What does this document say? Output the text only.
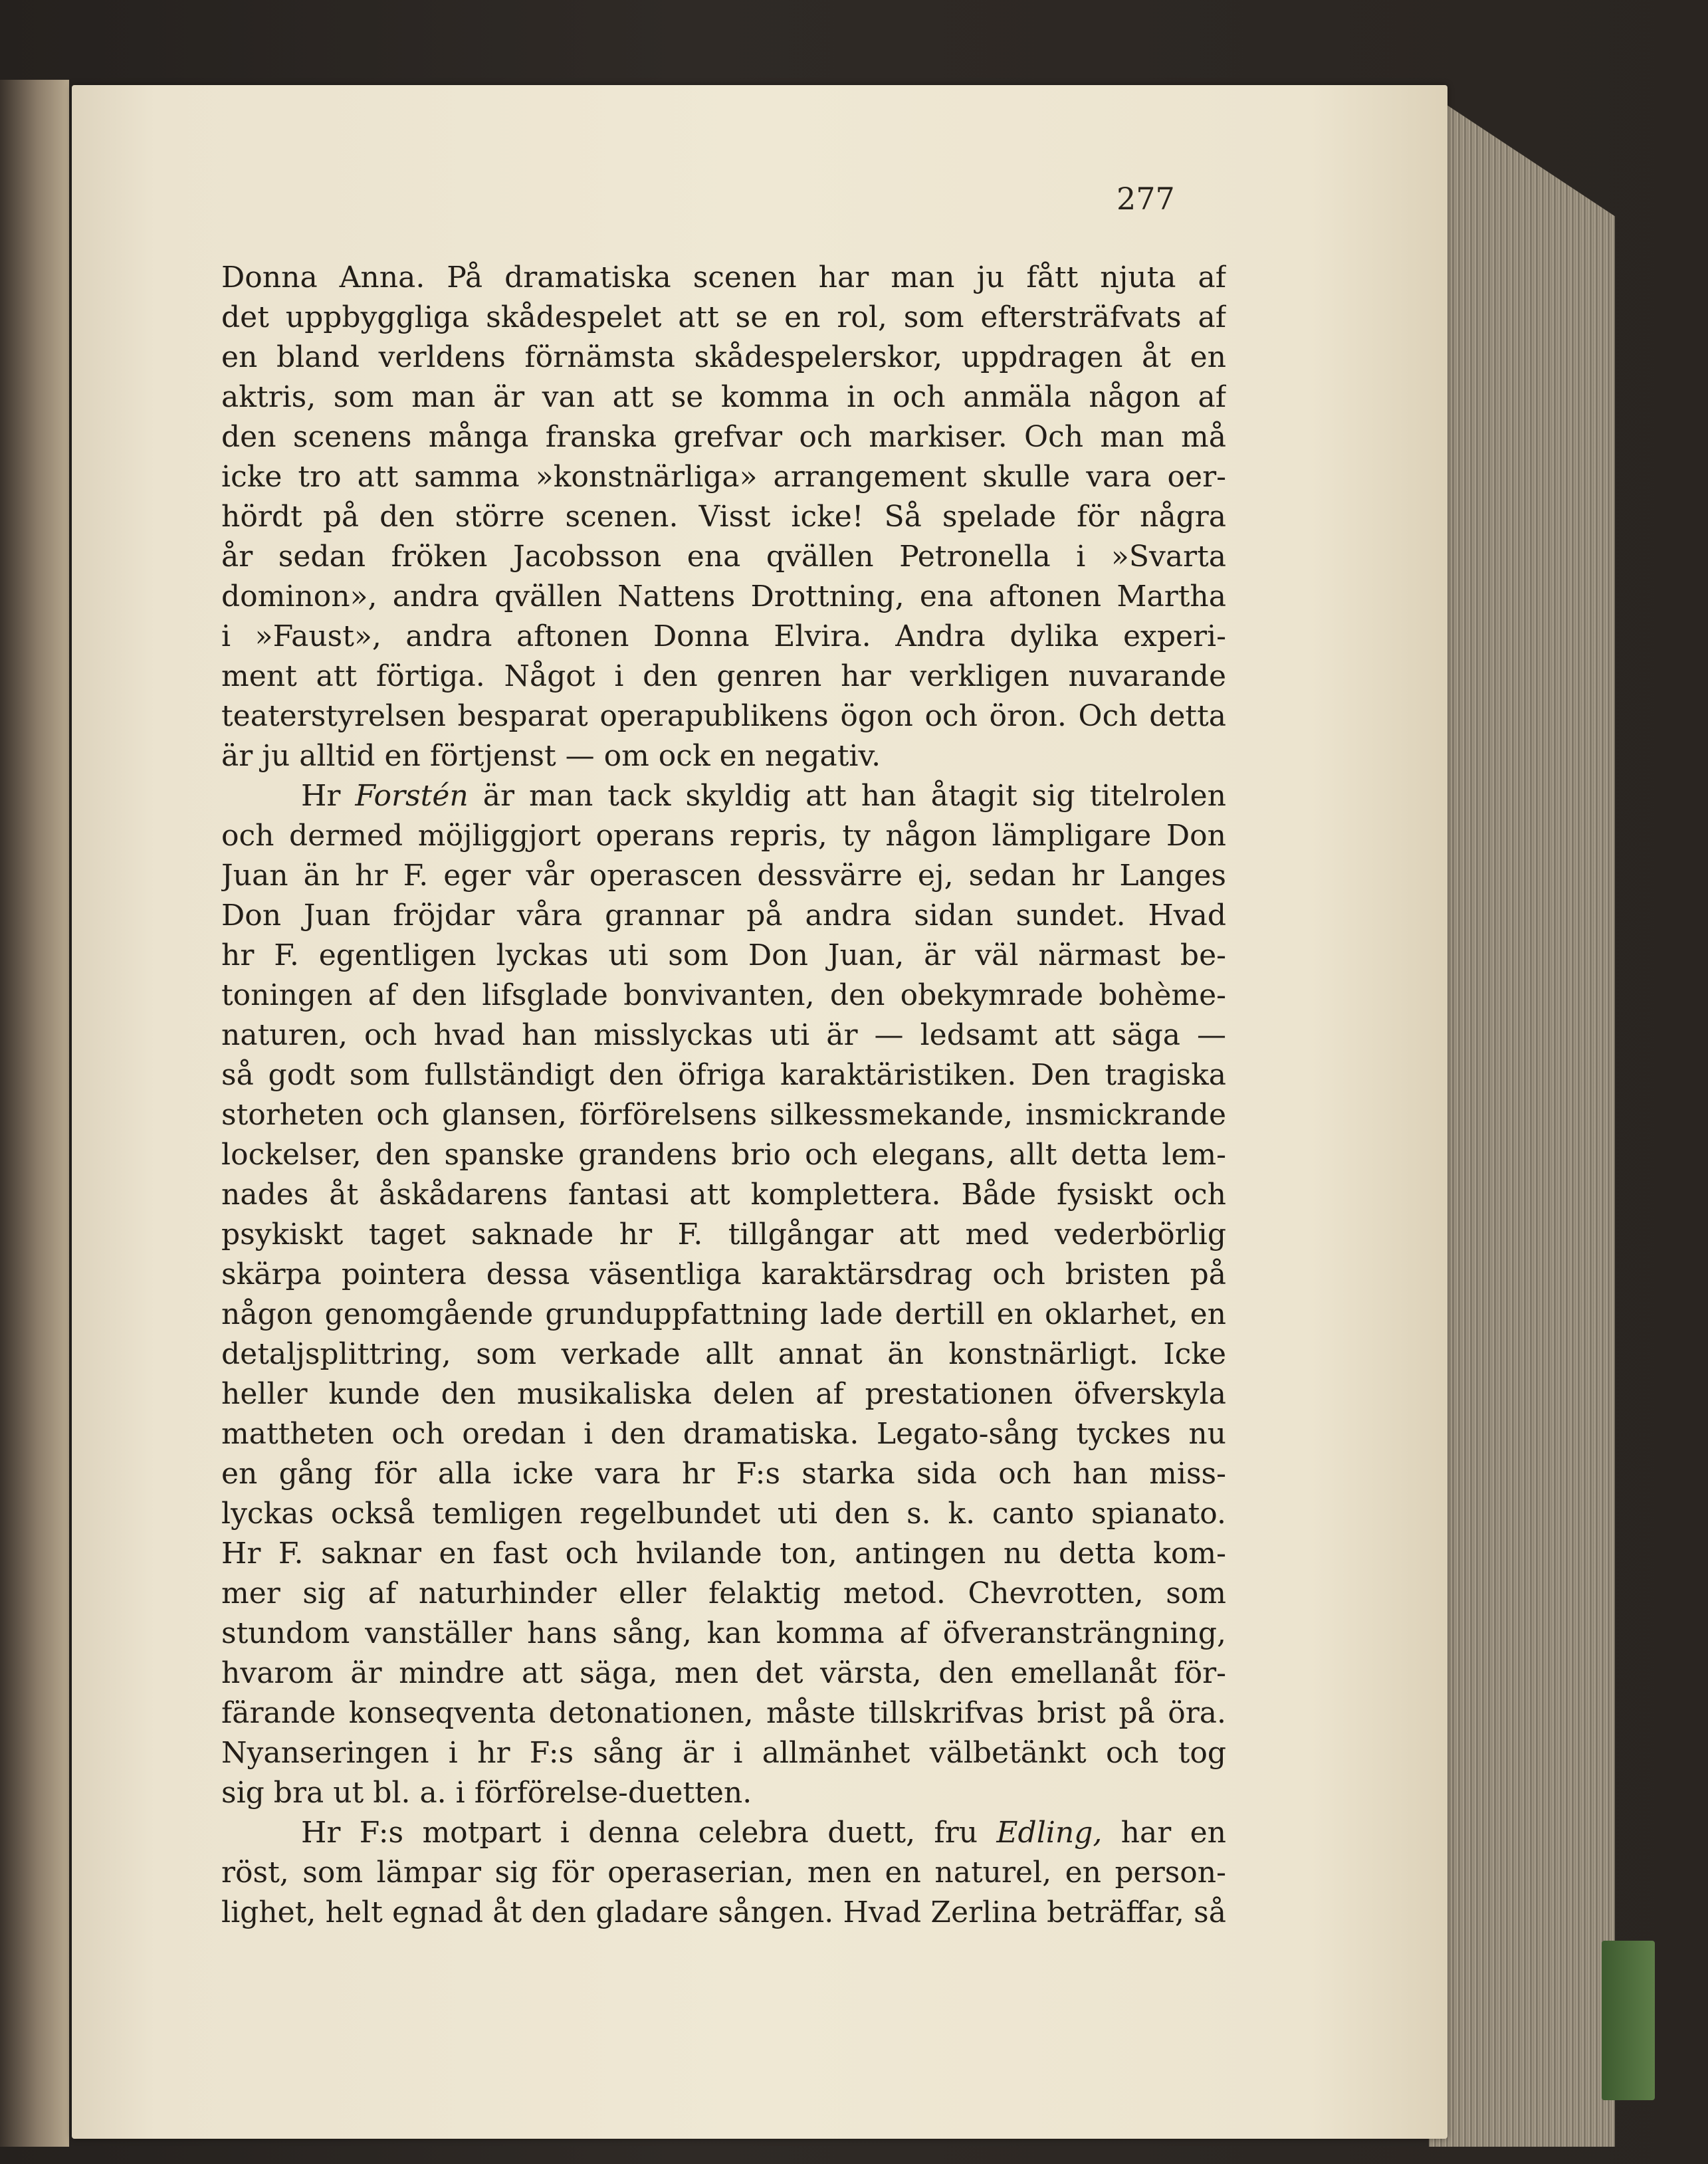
277
Donna Anna. På dramatiska scenen har man ju fått njuta af
det uppbyggliga skådespelet att se en rol, som eftersträfvats af
en bland verldens förnämsta skådespelerskor, uppdragen åt en
aktris, som man är van att se komma in och anmäla någon af
den scenens många franska grefvar och markiser. Och man må
icke tro att samma »konstnärliga» arrangement skulle vara oer-
hördt på den större scenen. Visst icke! Så spelade för några
år sedan fröken Jacobsson ena qvällen Petronella i »Svarta
dominon», andra qvällen Nattens Drottning, ena aftonen Martha
i »Faust», andra aftonen Donna Elvira. Andra dylika experi-
ment att förtiga. Något i den genren har verkligen nuvarande
teaterstyrelsen besparat operapublikens ögon och öron. Och detta
är ju alltid en förtjenst — om ock en negativ.
Hr Forstén är man tack skyldig att han åtagit sig titelrolen
och dermed möjliggjort operans repris, ty någon lämpligare Don
Juan än hr F. eger vår operascen dessvärre ej, sedan hr Langes
Don Juan fröjdar våra grannar på andra sidan sundet. Hvad
hr F. egentligen lyckas uti som Don Juan, är väl närmast be-
toningen af den lifsglade bonvivanten, den obekymrade bohème-
naturen, och hvad han misslyckas uti är — ledsamt att säga —
så godt som fullständigt den öfriga karaktäristiken. Den tragiska
storheten och glansen, förförelsens silkessmekande, insmickrande
lockelser, den spanske grandens brio och elegans, allt detta lem-
nades åt åskådarens fantasi att komplettera. Både fysiskt och
psykiskt taget saknade hr F. tillgångar att med vederbörlig
skärpa pointera dessa väsentliga karaktärsdrag och bristen på
någon genomgående grunduppfattning lade dertill en oklarhet, en
detaljsplittring, som verkade allt annat än konstnärligt. Icke
heller kunde den musikaliska delen af prestationen öfverskyla
mattheten och oredan i den dramatiska. Legato-sång tyckes nu
en gång för alla icke vara hr F:s starka sida och han miss-
lyckas också temligen regelbundet uti den s. k. canto spianato.
Hr F. saknar en fast och hvilande ton, antingen nu detta kom-
mer sig af naturhinder eller felaktig metod. Chevrotten, som
stundom vanställer hans sång, kan komma af öfveransträngning,
hvarom är mindre att säga, men det värsta, den emellanåt för-
färande konseqventa detonationen, måste tillskrifvas brist på öra.
Nyanseringen i hr F:s sång är i allmänhet välbetänkt och tog
sig bra ut bl. a. i förförelse-duetten.
Hr F:s motpart i denna celebra duett, fru Edling, har en
röst, som lämpar sig för operaserian, men en naturel, en person-
lighet, helt egnad åt den gladare sången. Hvad Zerlina beträffar, så
